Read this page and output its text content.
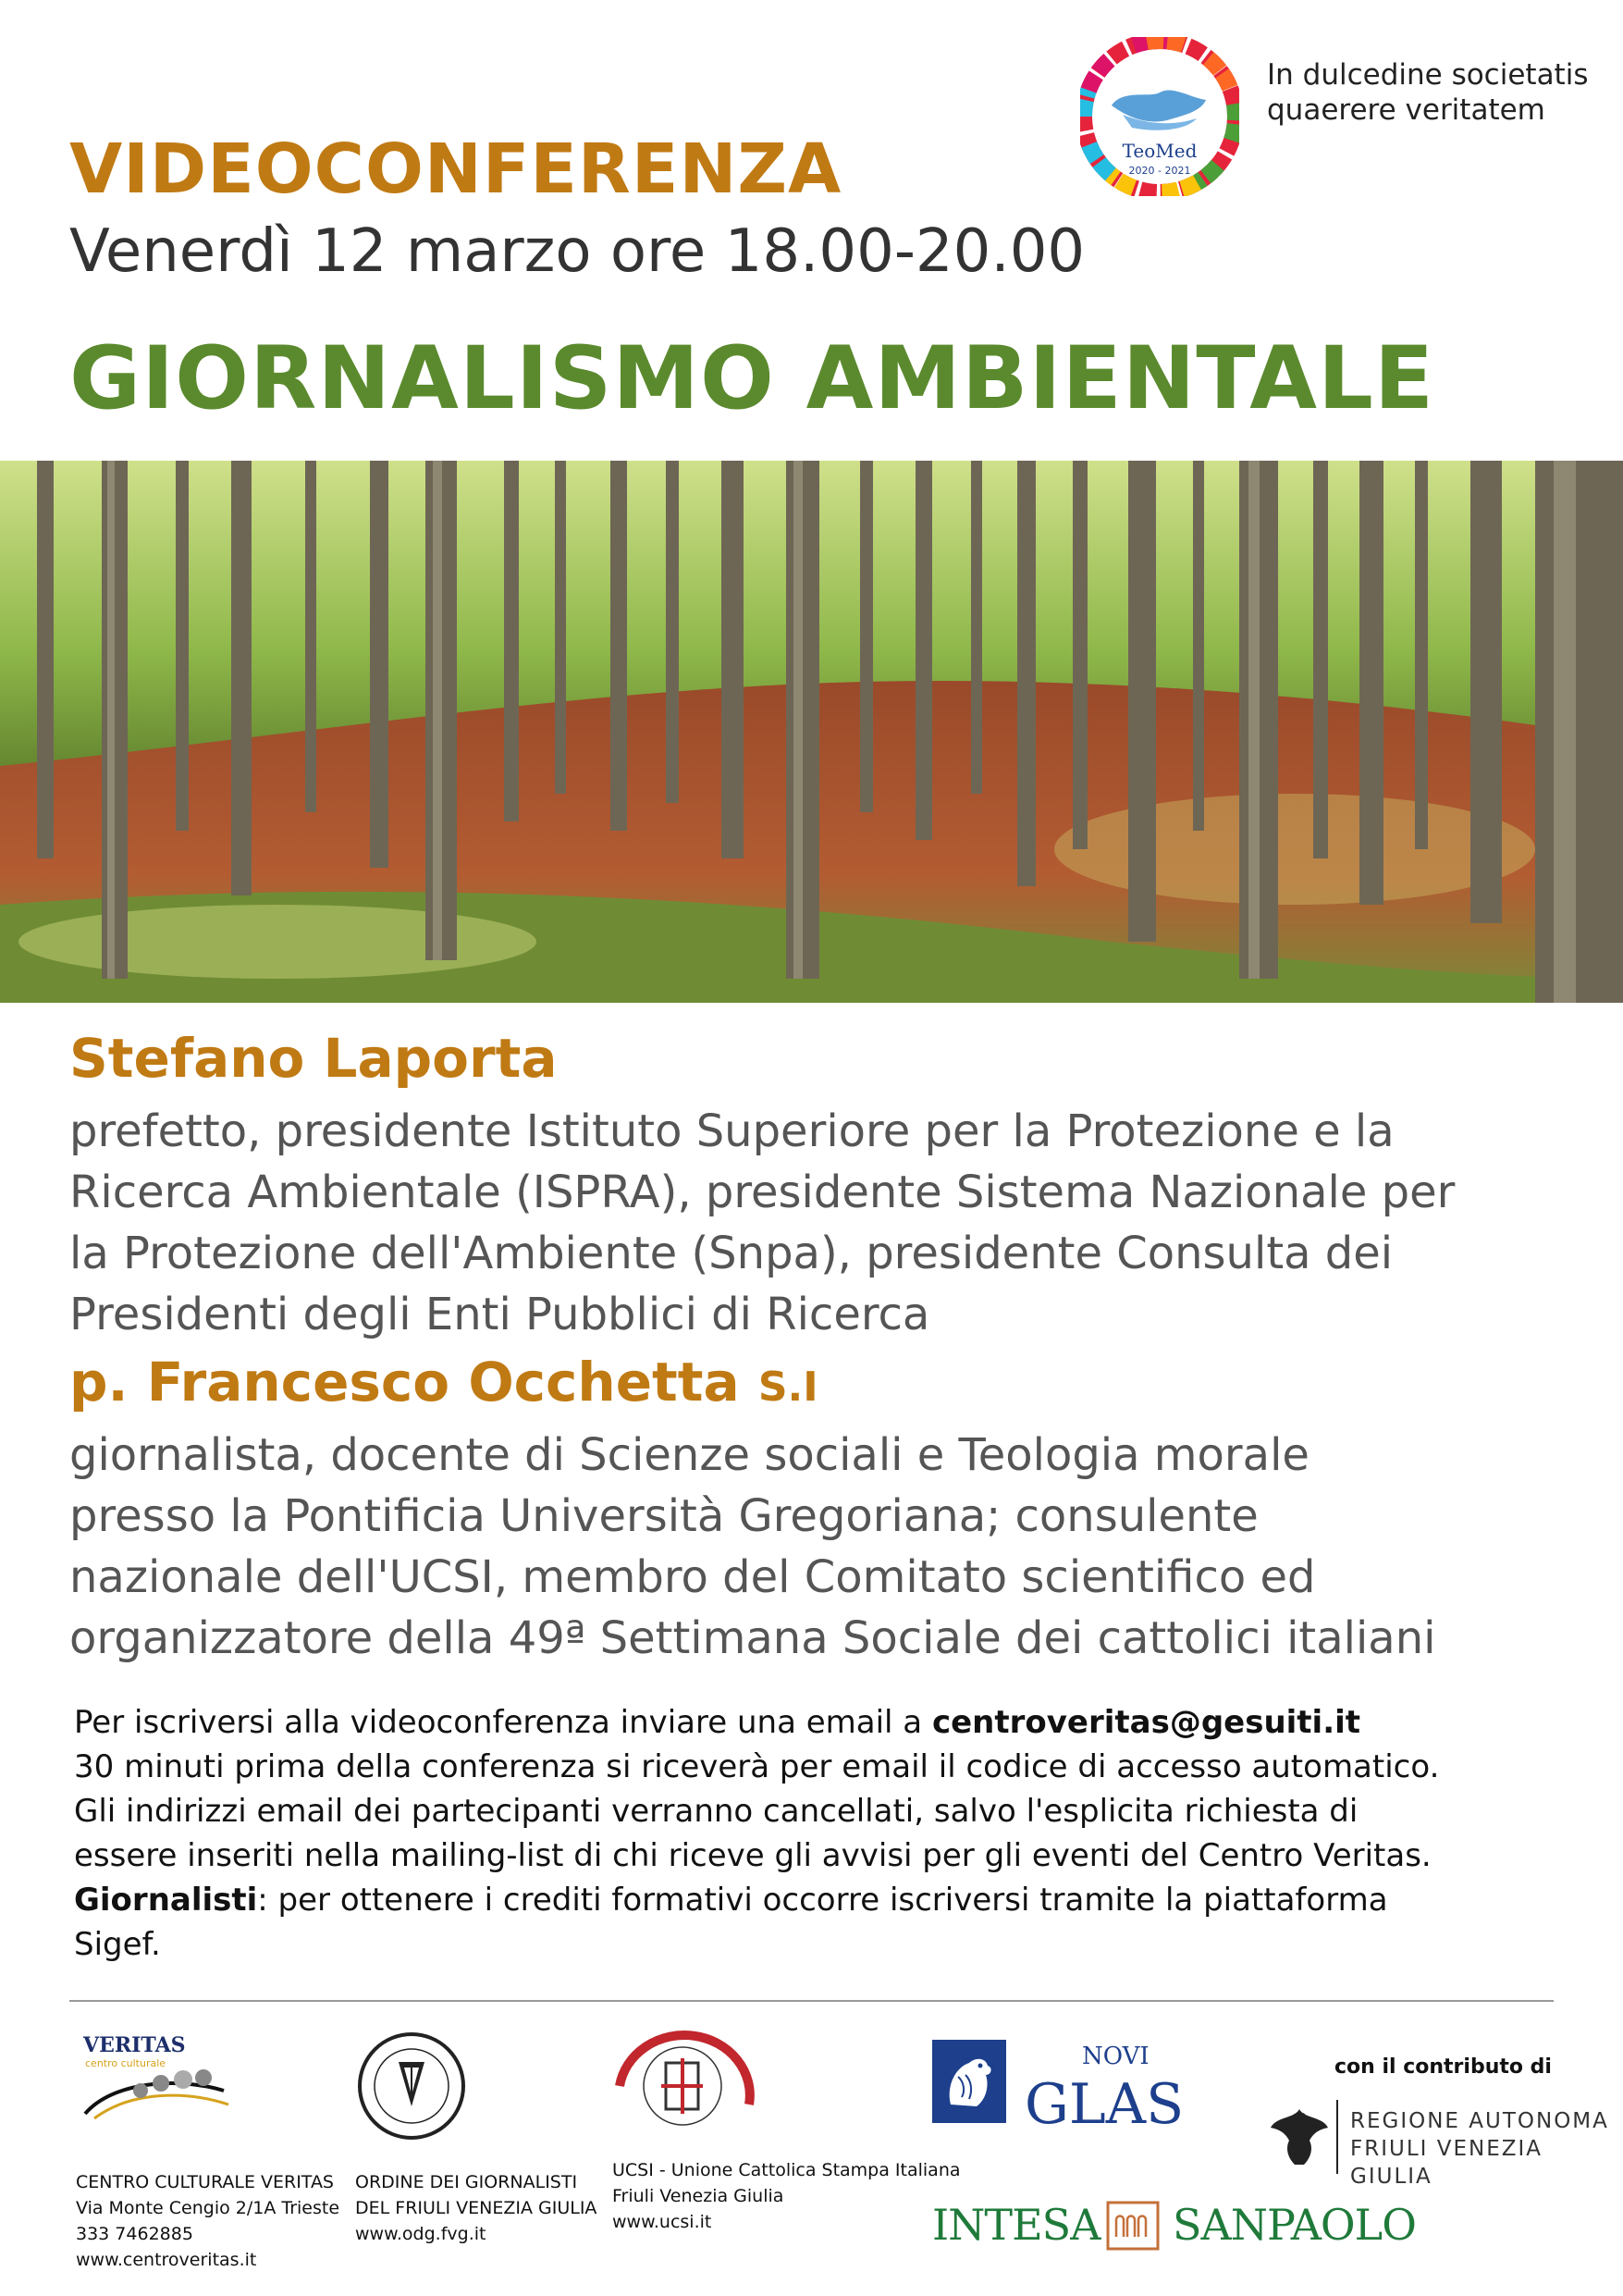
TeoMed
2020 - 2021
In dulcedine societatis
quaerere veritatem
VIDEOCONFERENZA
Venerdì 12 marzo ore 18.00-20.00
GIORNALISMO AMBIENTALE
Stefano Laporta
prefetto, presidente Istituto Superiore per la Protezione e la
Ricerca Ambientale (ISPRA), presidente Sistema Nazionale per
la Protezione dell'Ambiente (Snpa), presidente Consulta dei
Presidenti degli Enti Pubblici di Ricerca
p. Francesco Occhetta S.I
giornalista, docente di Scienze sociali e Teologia morale
presso la Pontificia Università Gregoriana; consulente
nazionale dell'UCSI, membro del Comitato scientifico ed
organizzatore della 49ª Settimana Sociale dei cattolici italiani
Per iscriversi alla videoconferenza inviare una email a centroveritas@gesuiti.it
30 minuti prima della conferenza si riceverà per email il codice di accesso automatico.
Gli indirizzi email dei partecipanti verranno cancellati, salvo l'esplicita richiesta di
essere inseriti nella mailing-list di chi riceve gli avvisi per gli eventi del Centro Veritas.
Giornalisti: per ottenere i crediti formativi occorre iscriversi tramite la piattaforma
Sigef.
VERITAS
centro culturale
CENTRO CULTURALE VERITAS
Via Monte Cengio 2/1A Trieste
333 7462885
www.centroveritas.it
ORDINE DEI GIORNALISTI
DEL FRIULI VENEZIA GIULIA
www.odg.fvg.it
UCSI - Unione Cattolica Stampa Italiana
Friuli Venezia Giulia
www.ucsi.it
NOVI
GLAS
con il contributo di
REGIONE AUTONOMA
FRIULI VENEZIA GIULIA
INTESA SANPAOLO
